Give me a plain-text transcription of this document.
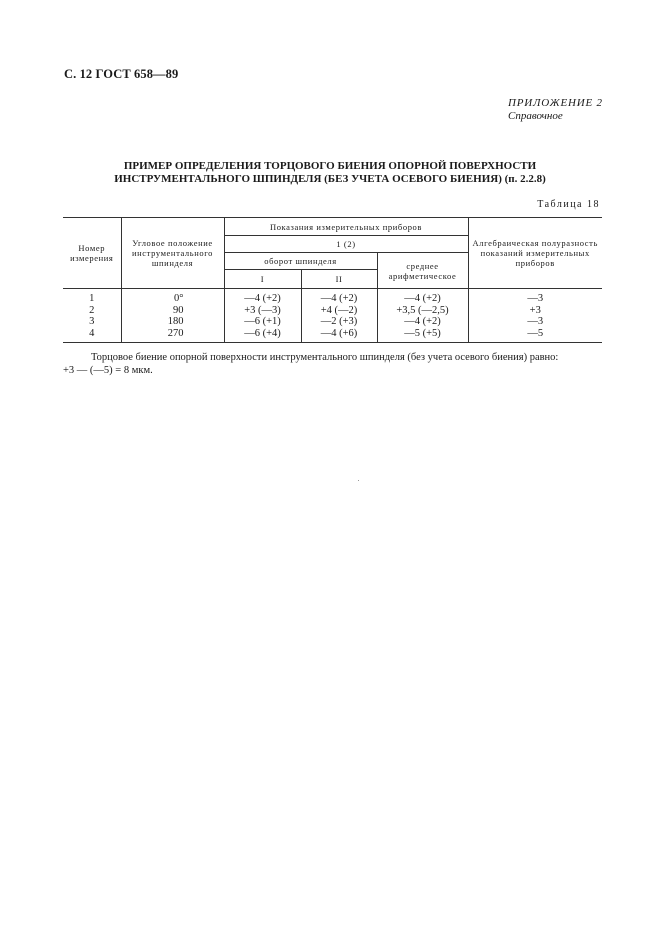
С. 12 ГОСТ 658—89
ПРИЛОЖЕНИЕ 2
Справочное
ПРИМЕР ОПРЕДЕЛЕНИЯ ТОРЦОВОГО БИЕНИЯ ОПОРНОЙ ПОВЕРХНОСТИ
ИНСТРУМЕНТАЛЬНОГО ШПИНДЕЛЯ (БЕЗ УЧЕТА ОСЕВОГО БИЕНИЯ) (п. 2.2.8)
Таблица 18
Номер измерения	Угловое положение инструментального шпинделя	Показания измерительных приборов			Алгебраическая полуразность показаний измерительных приборов
		1 (2)			
		оборот шпинделя		среднее арифметическое	
		I	II		
1	0°	—4 (+2)	—4 (+2)	—4 (+2)	—3
2	90	+3 (—3)	+4 (—2)	+3,5 (—2,5)	+3
3	180	—6 (+1)	—2 (+3)	—4 (+2)	—3
4	270	—6 (+4)	—4 (+6)	—5 (+5)	—5
Торцовое биение опорной поверхности инструментального шпинделя (без учета осевого биения) равно:
+3 — (—5) = 8 мкм.
